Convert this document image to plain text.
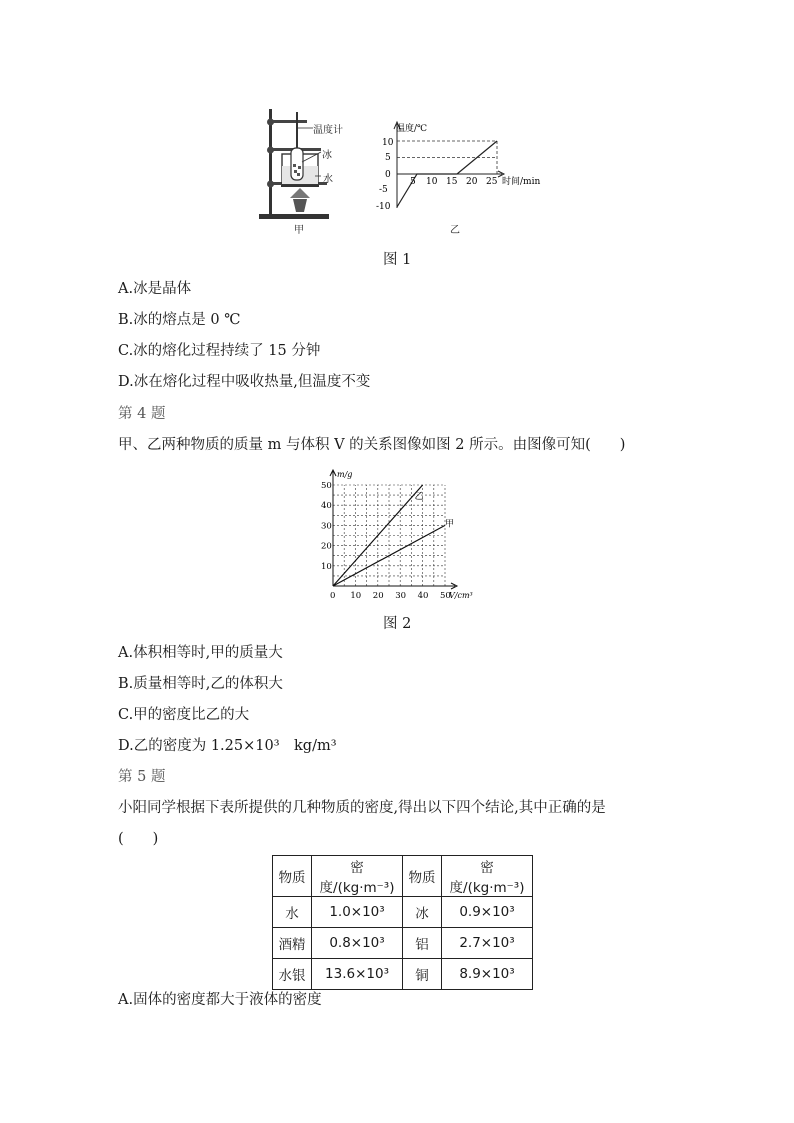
温度计
冰
水
甲
温度/℃
时间/min
10
5
0
-5
-10
5 10 15 20 25
乙
图 1
A.冰是晶体
B.冰的熔点是 0 ℃
C.冰的熔化过程持续了 15 分钟
D.冰在熔化过程中吸收热量,但温度不变
第 4 题
甲、乙两种物质的质量 m 与体积 V 的关系图像如图 2 所示。由图像可知(　　)
乙
甲
0 10 20 30 40 50
10
20
30
40
50
V/cm³
m/g
图 2
A.体积相等时,甲的质量大
B.质量相等时,乙的体积大
C.甲的密度比乙的大
D.乙的密度为 1.25×10³　kg/m³
第 5 题
小阳同学根据下表所提供的几种物质的密度,得出以下四个结论,其中正确的是
(　　)
物质	密度/(kg·m⁻³)	物质	密度/(kg·m⁻³)
水	1.0×10³	冰	0.9×10³
酒精	0.8×10³	铝	2.7×10³
水银	13.6×10³	铜	8.9×10³
A.固体的密度都大于液体的密度
